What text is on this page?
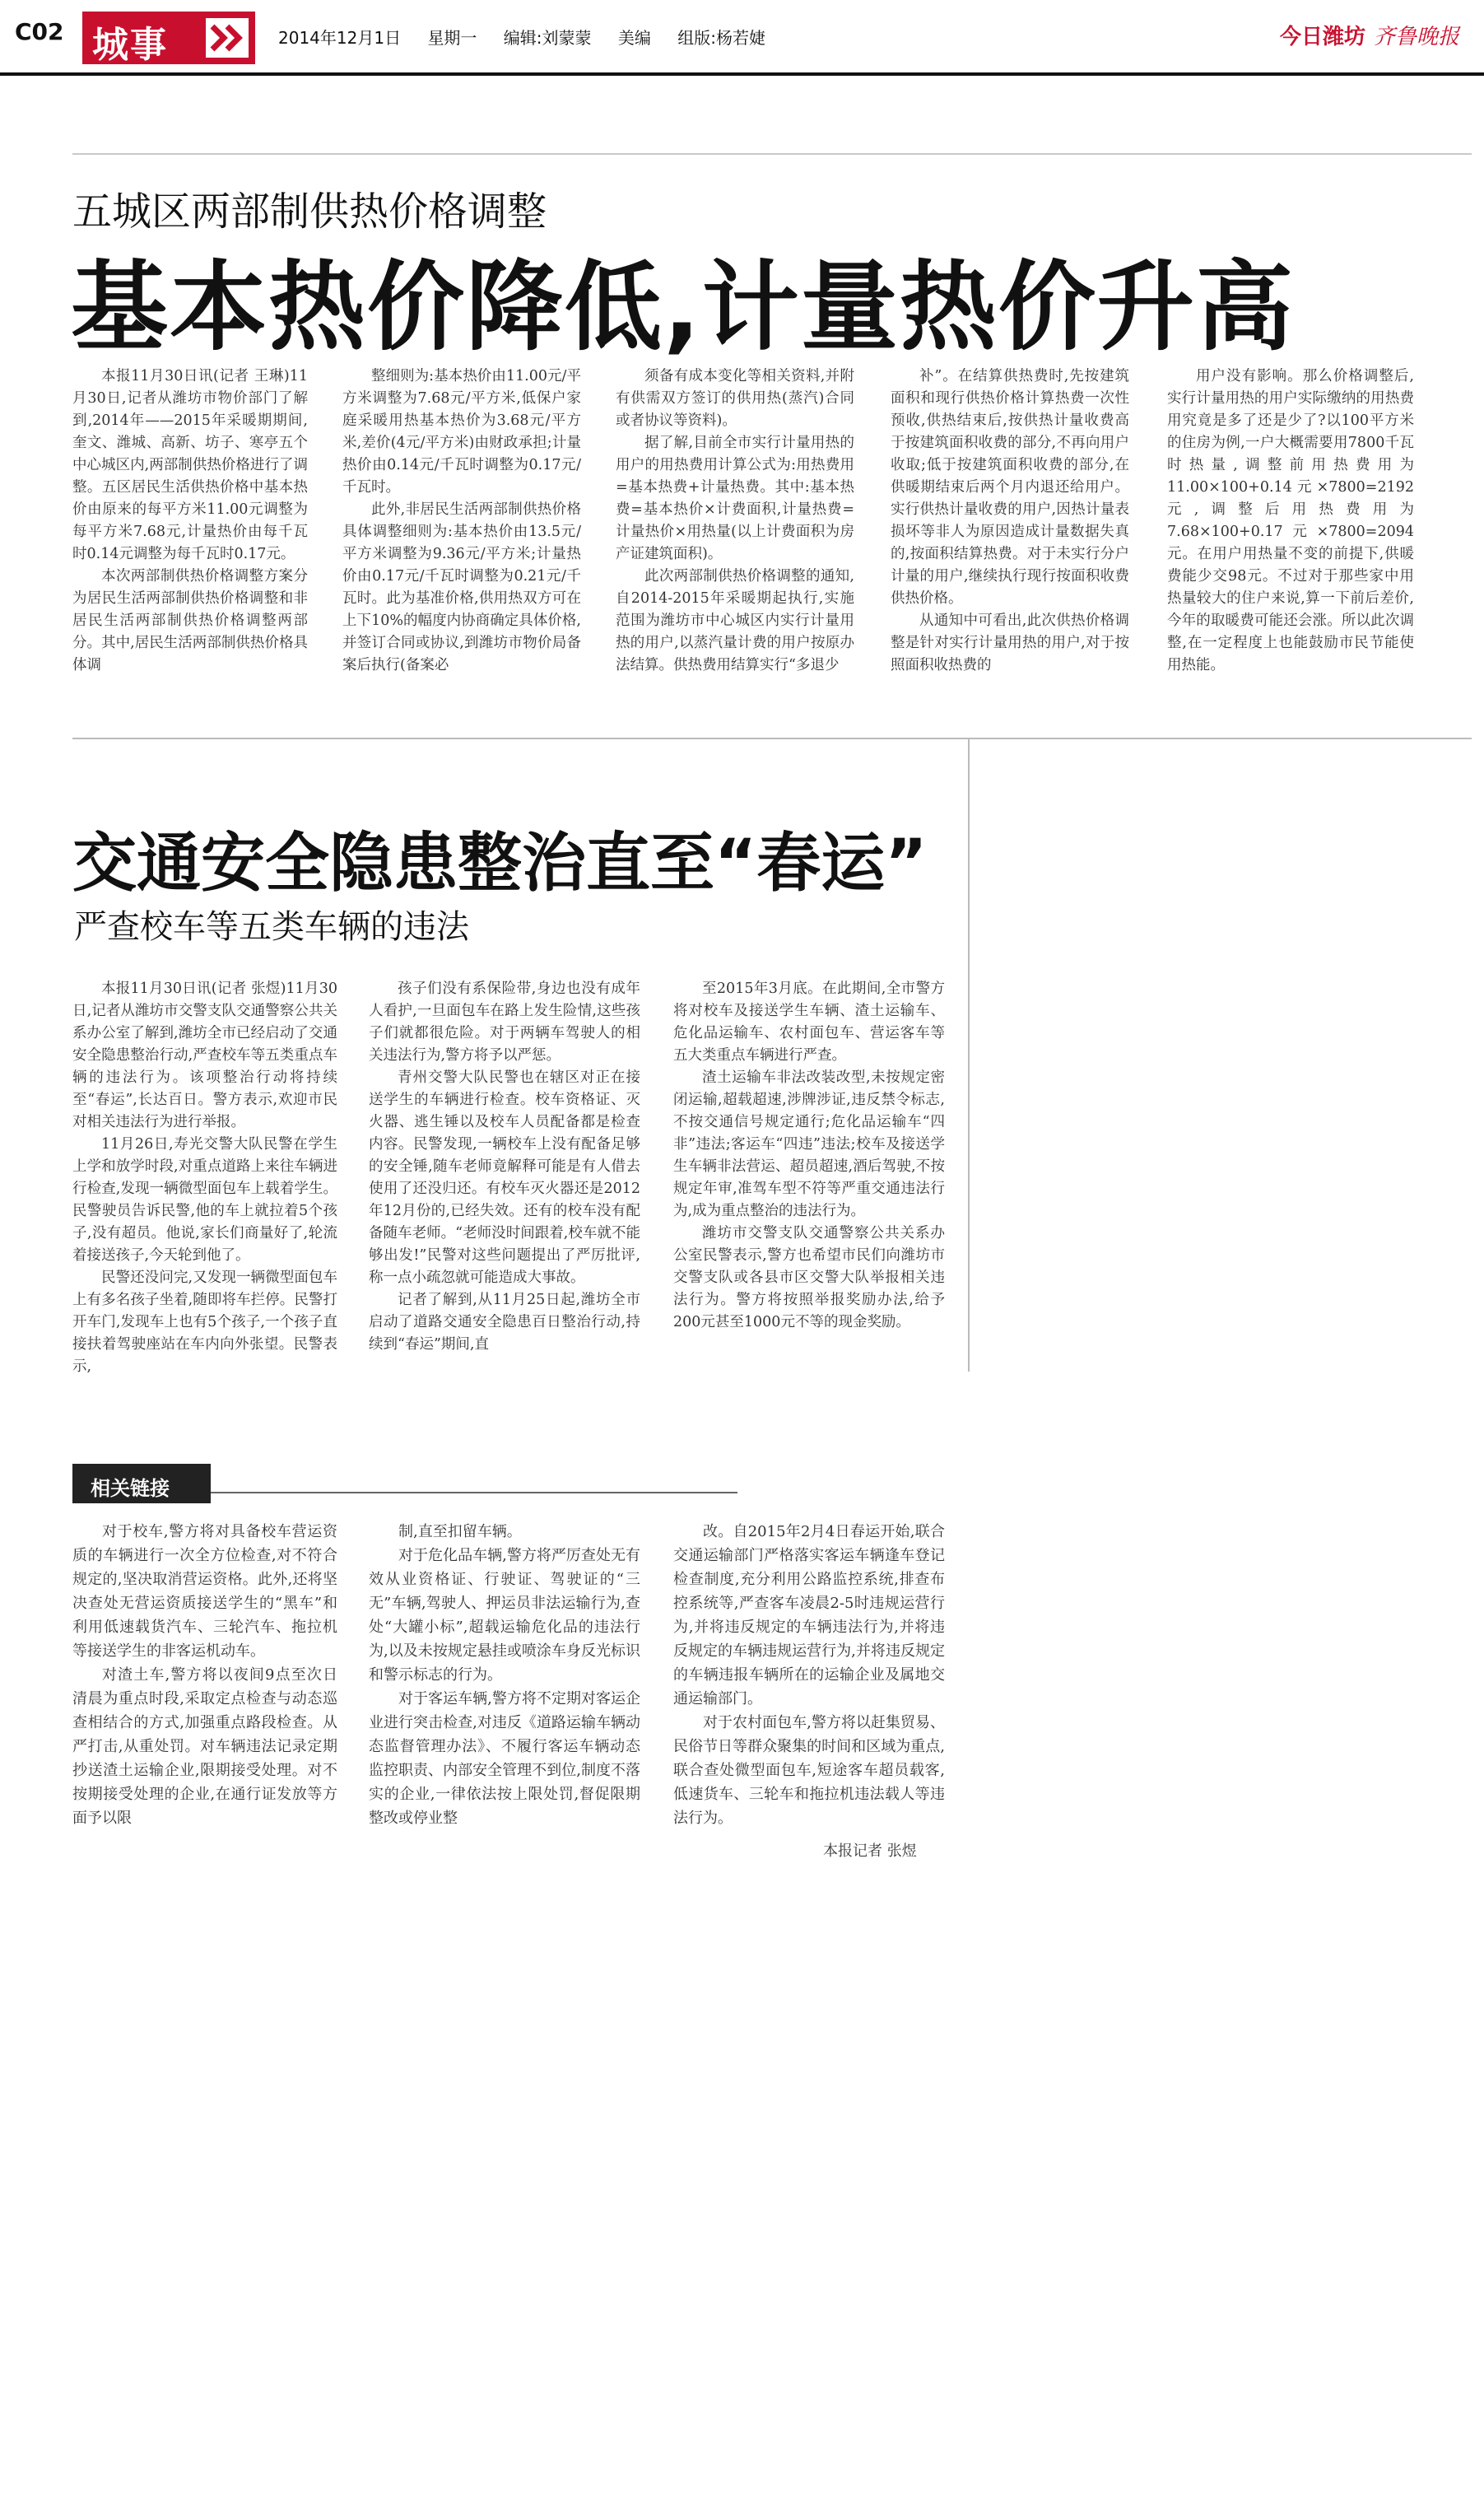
C02 城事	2014年12月1日 星期一 编辑:刘蒙蒙 美编 组版:杨若婕	今日潍坊 齐鲁晚报
五城区两部制供热价格调整
基本热价降低,计量热价升高

本报11月30日讯(记者 王琳)11月30日,记者从潍坊市物价部门了解到,2014年——2015年采暖期期间,奎文、潍城、高新、坊子、寒亭五个中心城区内,两部制供热价格进行了调整。五区居民生活供热价格中基本热价由原来的每平方米11.00元调整为每平方米7.68元,计量热价由每千瓦时0.14元调整为每千瓦时0.17元。

本次两部制供热价格调整方案分为居民生活两部制供热价格调整和非居民生活两部制供热价格调整两部分。其中,居民生活两部制供热价格具体调

整细则为:基本热价由11.00元/平方米调整为7.68元/平方米,低保户家庭采暖用热基本热价为3.68元/平方米,差价(4元/平方米)由财政承担;计量热价由0.14元/千瓦时调整为0.17元/千瓦时。

此外,非居民生活两部制供热价格具体调整细则为:基本热价由13.5元/平方米调整为9.36元/平方米;计量热价由0.17元/千瓦时调整为0.21元/千瓦时。此为基准价格,供用热双方可在上下10%的幅度内协商确定具体价格,并签订合同或协议,到潍坊市物价局备案后执行(备案必

须备有成本变化等相关资料,并附有供需双方签订的供用热(蒸汽)合同或者协议等资料)。

据了解,目前全市实行计量用热的用户的用热费用计算公式为:用热费用=基本热费+计量热费。其中:基本热费=基本热价×计费面积,计量热费=计量热价×用热量(以上计费面积为房产证建筑面积)。

此次两部制供热价格调整的通知,自2014-2015年采暖期起执行,实施范围为潍坊市中心城区内实行计量用热的用户,以蒸汽量计费的用户按原办法结算。供热费用结算实行“多退少

补”。在结算供热费时,先按建筑面积和现行供热价格计算热费一次性预收,供热结束后,按供热计量收费高于按建筑面积收费的部分,不再向用户收取;低于按建筑面积收费的部分,在供暖期结束后两个月内退还给用户。实行供热计量收费的用户,因热计量表损坏等非人为原因造成计量数据失真的,按面积结算热费。对于未实行分户计量的用户,继续执行现行按面积收费供热价格。

从通知中可看出,此次供热价格调整是针对实行计量用热的用户,对于按照面积收热费的

用户没有影响。那么价格调整后,实行计量用热的用户实际缴纳的用热费用究竟是多了还是少了?以100平方米的住房为例,一户大概需要用7800千瓦时热量,调整前用热费用为11.00×100+0.14元×7800=2192元,调整后用热费用为7.68×100+0.17元×7800=2094元。在用户用热量不变的前提下,供暖费能少交98元。不过对于那些家中用热量较大的住户来说,算一下前后差价,今年的取暖费可能还会涨。所以此次调整,在一定程度上也能鼓励市民节能使用热能。

交通安全隐患整治直至“春运”
严查校车等五类车辆的违法

本报11月30日讯(记者 张煜)11月30日,记者从潍坊市交警支队交通警察公共关系办公室了解到,潍坊全市已经启动了交通安全隐患整治行动,严查校车等五类重点车辆的违法行为。该项整治行动将持续至“春运”,长达百日。警方表示,欢迎市民对相关违法行为进行举报。

11月26日,寿光交警大队民警在学生上学和放学时段,对重点道路上来往车辆进行检查,发现一辆微型面包车上载着学生。民警驶员告诉民警,他的车上就拉着5个孩子,没有超员。他说,家长们商量好了,轮流着接送孩子,今天轮到他了。

民警还没问完,又发现一辆微型面包车上有多名孩子坐着,随即将车拦停。民警打开车门,发现车上也有5个孩子,一个孩子直接扶着驾驶座站在车内向外张望。民警表示,

孩子们没有系保险带,身边也没有成年人看护,一旦面包车在路上发生险情,这些孩子们就都很危险。对于两辆车驾驶人的相关违法行为,警方将予以严惩。

青州交警大队民警也在辖区对正在接送学生的车辆进行检查。校车资格证、灭火器、逃生锤以及校车人员配备都是检查内容。民警发现,一辆校车上没有配备足够的安全锤,随车老师竟解释可能是有人借去使用了还没归还。有校车灭火器还是2012年12月份的,已经失效。还有的校车没有配备随车老师。“老师没时间跟着,校车就不能够出发!”民警对这些问题提出了严厉批评,称一点小疏忽就可能造成大事故。

记者了解到,从11月25日起,潍坊全市启动了道路交通安全隐患百日整治行动,持续到“春运”期间,直

至2015年3月底。在此期间,全市警方将对校车及接送学生车辆、渣土运输车、危化品运输车、农村面包车、营运客车等五大类重点车辆进行严查。

渣土运输车非法改装改型,未按规定密闭运输,超载超速,涉牌涉证,违反禁令标志,不按交通信号规定通行;危化品运输车“四非”违法;客运车“四违”违法;校车及接送学生车辆非法营运、超员超速,酒后驾驶,不按规定年审,准驾车型不符等严重交通违法行为,成为重点整治的违法行为。

潍坊市交警支队交通警察公共关系办公室民警表示,警方也希望市民们向潍坊市交警支队或各县市区交警大队举报相关违法行为。警方将按照举报奖励办法,给予200元甚至1000元不等的现金奖励。

相关链接

对于校车,警方将对具备校车营运资质的车辆进行一次全方位检查,对不符合规定的,坚决取消营运资格。此外,还将坚决查处无营运资质接送学生的“黑车”和利用低速载货汽车、三轮汽车、拖拉机等接送学生的非客运机动车。

对渣土车,警方将以夜间9点至次日清晨为重点时段,采取定点检查与动态巡查相结合的方式,加强重点路段检查。从严打击,从重处罚。对车辆违法记录定期抄送渣土运输企业,限期接受处理。对不按期接受处理的企业,在通行证发放等方面予以限

制,直至扣留车辆。

对于危化品车辆,警方将严厉查处无有效从业资格证、行驶证、驾驶证的“三无”车辆,驾驶人、押运员非法运输行为,查处“大罐小标”,超载运输危化品的违法行为,以及未按规定悬挂或喷涂车身反光标识和警示标志的行为。

对于客运车辆,警方将不定期对客运企业进行突击检查,对违反《道路运输车辆动态监督管理办法》、不履行客运车辆动态监控职责、内部安全管理不到位,制度不落实的企业,一律依法按上限处罚,督促限期整改或停业整

改。自2015年2月4日春运开始,联合交通运输部门严格落实客运车辆逢车登记检查制度,充分利用公路监控系统,排查布控系统等,严查客车凌晨2-5时违规运营行为,并将违反规定的车辆违法行为,并将违反规定的车辆违规运营行为,并将违反规定的车辆违报车辆所在的运输企业及属地交通运输部门。

对于农村面包车,警方将以赶集贸易、民俗节日等群众聚集的时间和区域为重点,联合查处微型面包车,短途客车超员载客,低速货车、三轮车和拖拉机违法载人等违法行为。

本报记者 张煜
